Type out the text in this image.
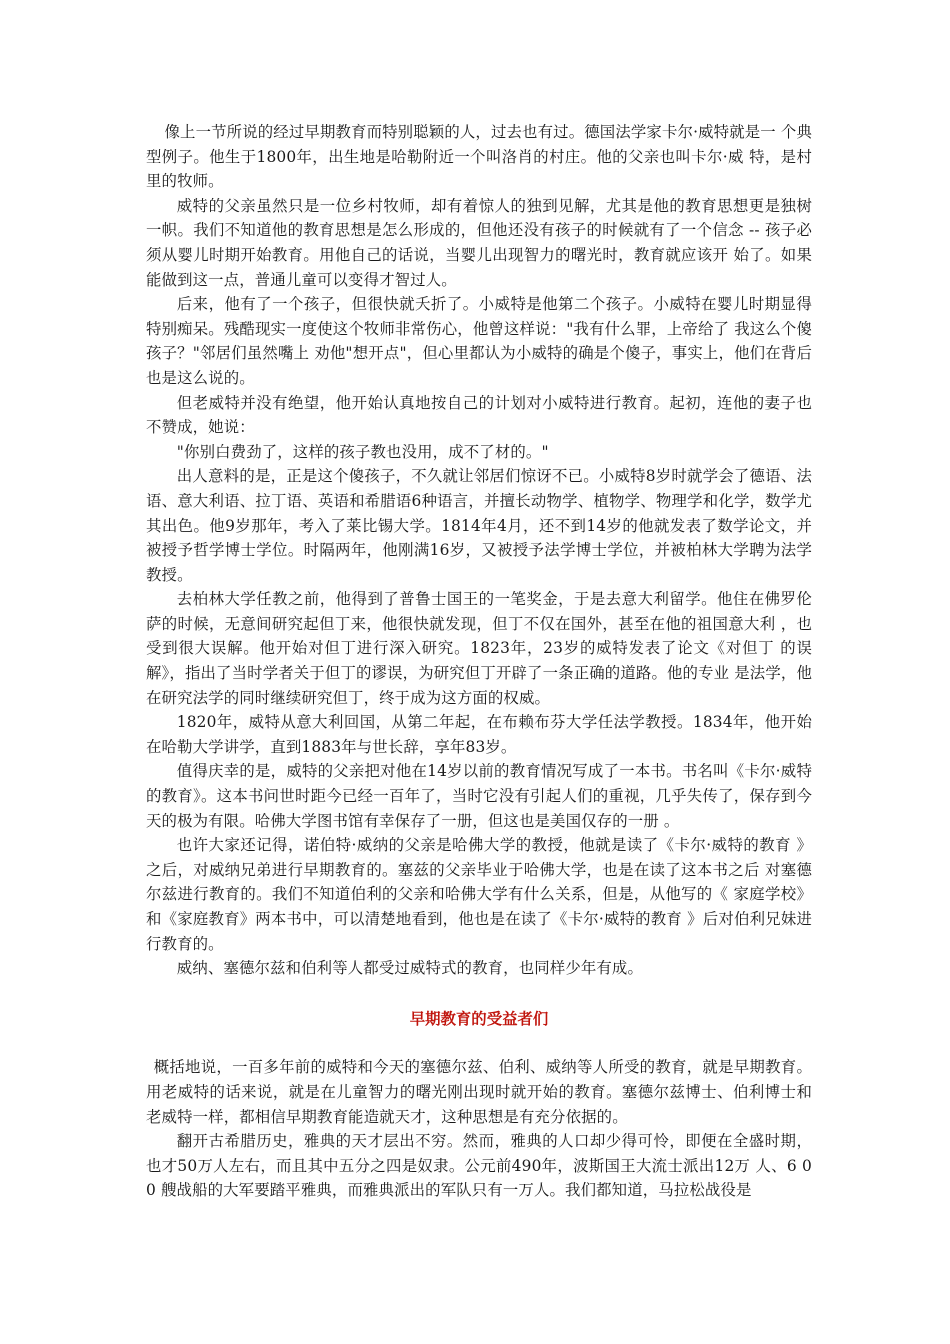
像上一节所说的经过早期教育而特别聪颖的人，过去也有过。德国法学家卡尔·威特就是一 个典型例子。他生于1800年，出生地是哈勒附近一个叫洛肖的村庄。他的父亲也叫卡尔·威 特，是村里的牧师。

威特的父亲虽然只是一位乡村牧师，却有着惊人的独到见解，尤其是他的教育思想更是独树 一帜。我们不知道他的教育思想是怎么形成的，但他还没有孩子的时候就有了一个信念 -- 孩子必须从婴儿时期开始教育。用他自己的话说，当婴儿出现智力的曙光时，教育就应该开 始了。如果能做到这一点，普通儿童可以变得才智过人。

后来，他有了一个孩子，但很快就夭折了。小威特是他第二个孩子。小威特在婴儿时期显得特别痴呆。残酷现实一度使这个牧师非常伤心，他曾这样说："我有什么罪，上帝给了 我这么个傻孩子？"邻居们虽然嘴上 劝他"想开点"，但心里都认为小威特的确是个傻子，事实上，他们在背后也是这么说的。

但老威特并没有绝望，他开始认真地按自己的计划对小威特进行教育。起初，连他的妻子也 不赞成，她说：

"你别白费劲了，这样的孩子教也没用，成不了材的。"

出人意料的是，正是这个傻孩子，不久就让邻居们惊讶不已。小威特8岁时就学会了德语、法语、意大利语、拉丁语、英语和希腊语6种语言，并擅长动物学、植物学、物理学和化学，数学尤其出色。他9岁那年，考入了莱比锡大学。1814年4月，还不到14岁的他就发表了数学论文，并被授予哲学博士学位。时隔两年，他刚满16岁，又被授予法学博士学位，并被柏林大学聘为法学教授。

去柏林大学任教之前，他得到了普鲁士国王的一笔奖金，于是去意大利留学。他住在佛罗伦 萨的时候，无意间研究起但丁来，他很快就发现，但丁不仅在国外，甚至在他的祖国意大利 ，也受到很大误解。他开始对但丁进行深入研究。1823年，23岁的威特发表了论文《对但丁 的误解》，指出了当时学者关于但丁的谬误，为研究但丁开辟了一条正确的道路。他的专业 是法学，他在研究法学的同时继续研究但丁，终于成为这方面的权威。

1820年，威特从意大利回国，从第二年起，在布赖布芬大学任法学教授。1834年，他开始在哈勒大学讲学，直到1883年与世长辞，享年83岁。

值得庆幸的是，威特的父亲把对他在14岁以前的教育情况写成了一本书。书名叫《卡尔·威特的教育》。这本书问世时距今已经一百年了，当时它没有引起人们的重视，几乎失传了，保存到今天的极为有限。哈佛大学图书馆有幸保存了一册，但这也是美国仅存的一册 。

也许大家还记得，诺伯特·威纳的父亲是哈佛大学的教授，他就是读了《卡尔·威特的教育 》之后，对威纳兄弟进行早期教育的。塞兹的父亲毕业于哈佛大学，也是在读了这本书之后 对塞德尔兹进行教育的。我们不知道伯利的父亲和哈佛大学有什么关系，但是，从他写的《 家庭学校》和《家庭教育》两本书中，可以清楚地看到，他也是在读了《卡尔·威特的教育 》后对伯利兄妹进行教育的。

威纳、塞德尔兹和伯利等人都受过威特式的教育，也同样少年有成。

早期教育的受益者们

概括地说，一百多年前的威特和今天的塞德尔兹、伯利、威纳等人所受的教育，就是早期教育。用老威特的话来说，就是在儿童智力的曙光刚出现时就开始的教育。塞德尔兹博士、伯利博士和老威特一样，都相信早期教育能造就天才，这种思想是有充分依据的。

翻开古希腊历史，雅典的天才层出不穷。然而，雅典的人口却少得可怜，即便在全盛时期，也才50万人左右，而且其中五分之四是奴隶。公元前490年，波斯国王大流士派出12万 人、6 00 艘战船的大军要踏平雅典，而雅典派出的军队只有一万人。我们都知道，马拉松战役是
